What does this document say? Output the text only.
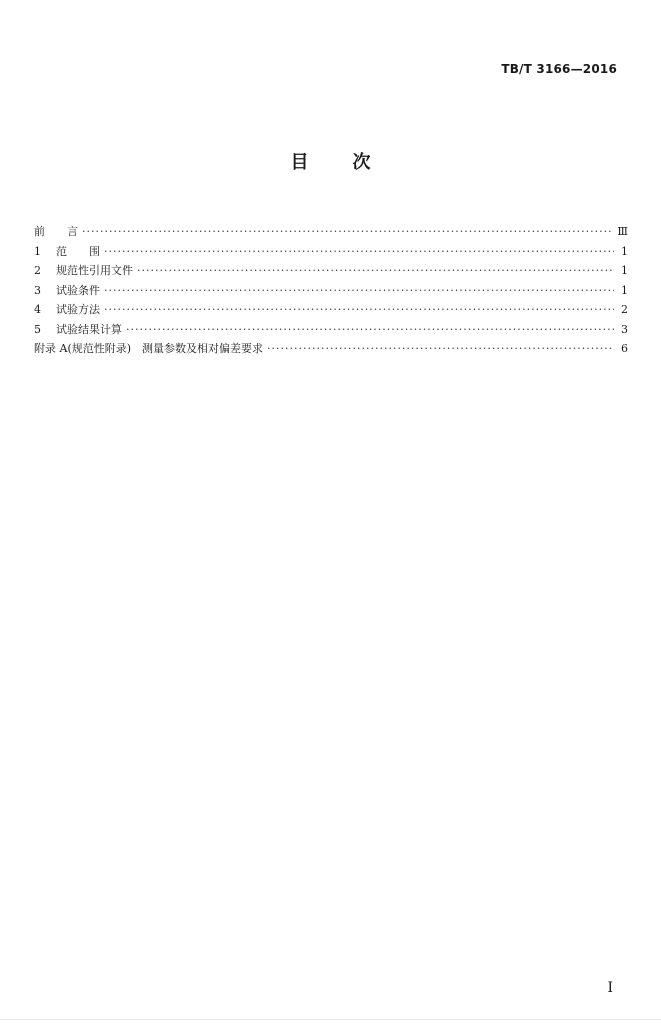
TB/T 3166—2016
目 次
前　　言 ·····	Ⅲ
1	范　　围 ·····	1
2	规范性引用文件 ·····	1
3	试验条件 ·····	1
4	试验方法 ·····	2
5	试验结果计算 ·····	3
附录 A(规范性附录)　测量参数及相对偏差要求 ·····	6
I
